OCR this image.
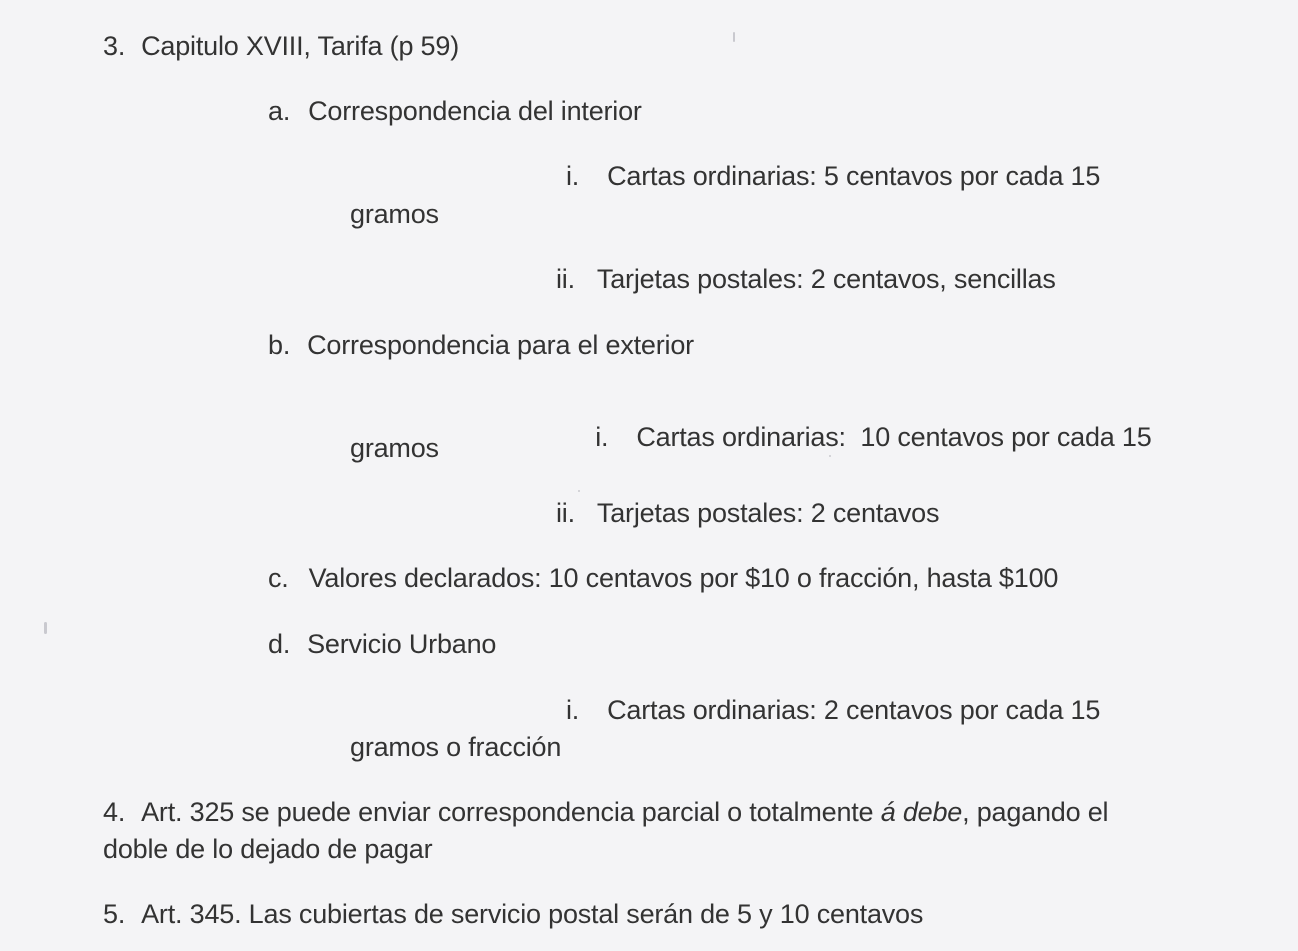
3. Capitulo XVIII, Tarifa (p 59)
a. Correspondencia del interior
i. Cartas ordinarias: 5 centavos por cada 15
gramos
ii. Tarjetas postales: 2 centavos, sencillas
b. Correspondencia para el exterior

i. Cartas ordinarias:  10 centavos por cada 15

gramos
ii. Tarjetas postales: 2 centavos
c. Valores declarados: 10 centavos por $10 o fracción, hasta $100
d. Servicio Urbano
i. Cartas ordinarias: 2 centavos por cada 15
gramos o fracción
4. Art. 325 se puede enviar correspondencia parcial o totalmente á debe, pagando el
doble de lo dejado de pagar
5. Art. 345. Las cubiertas de servicio postal serán de 5 y 10 centavos
